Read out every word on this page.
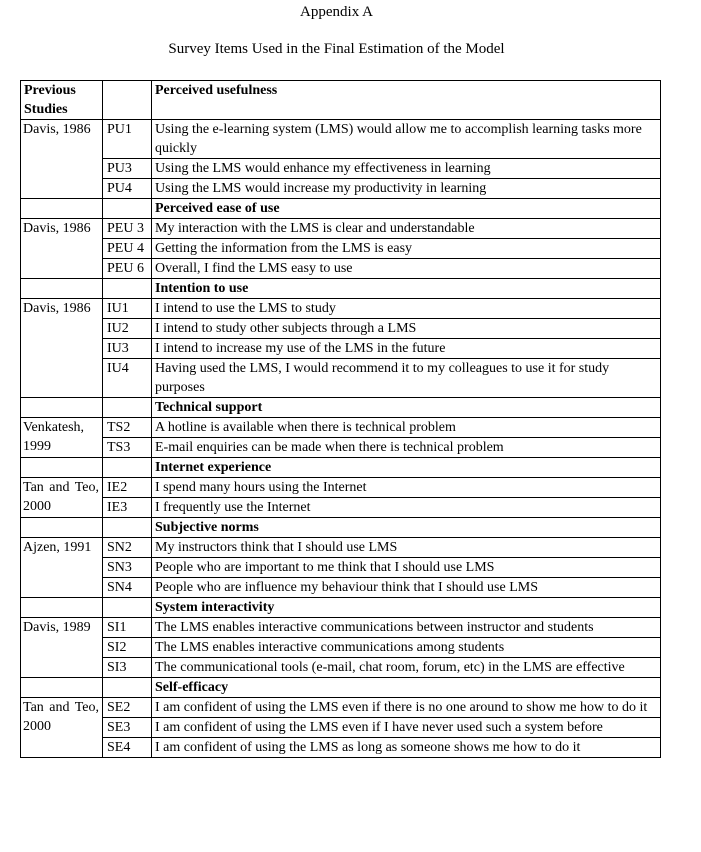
Appendix A
Survey Items Used in the Final Estimation of the Model
Previous Studies		Perceived usefulness
Davis, 1986	PU1	Using the e-learning system (LMS) would allow me to accomplish learning tasks more quickly
	PU3	Using the LMS would enhance my effectiveness in learning
	PU4	Using the LMS would increase my productivity in learning
		Perceived ease of use
Davis, 1986	PEU 3	My interaction with the LMS is clear and understandable
	PEU 4	Getting the information from the LMS is easy
	PEU 6	Overall, I find the LMS easy to use
		Intention to use
Davis, 1986	IU1	I intend to use the LMS to study
	IU2	I intend to study other subjects through a LMS
	IU3	I intend to increase my use of the LMS in the future
	IU4	Having used the LMS, I would recommend it to my colleagues to use it for study purposes
		Technical support
Venkatesh, 1999	TS2	A hotline is available when there is technical problem
	TS3	E-mail enquiries can be made when there is technical problem
		Internet experience
Tan and Teo, 2000	IE2	I spend many hours using the Internet
	IE3	I frequently use the Internet
		Subjective norms
Ajzen, 1991	SN2	My instructors think that I should use LMS
	SN3	People who are important to me think that I should use LMS
	SN4	People who are influence my behaviour think that I should use LMS
		System interactivity
Davis, 1989	SI1	The LMS enables interactive communications between instructor and students
	SI2	The LMS enables interactive communications among students
	SI3	The communicational tools (e-mail, chat room, forum, etc) in the LMS are effective
		Self-efficacy
Tan and Teo, 2000	SE2	I am confident of using the LMS even if there is no one around to show me how to do it
	SE3	I am confident of using the LMS even if I have never used such a system before
	SE4	I am confident of using the LMS as long as someone shows me how to do it
